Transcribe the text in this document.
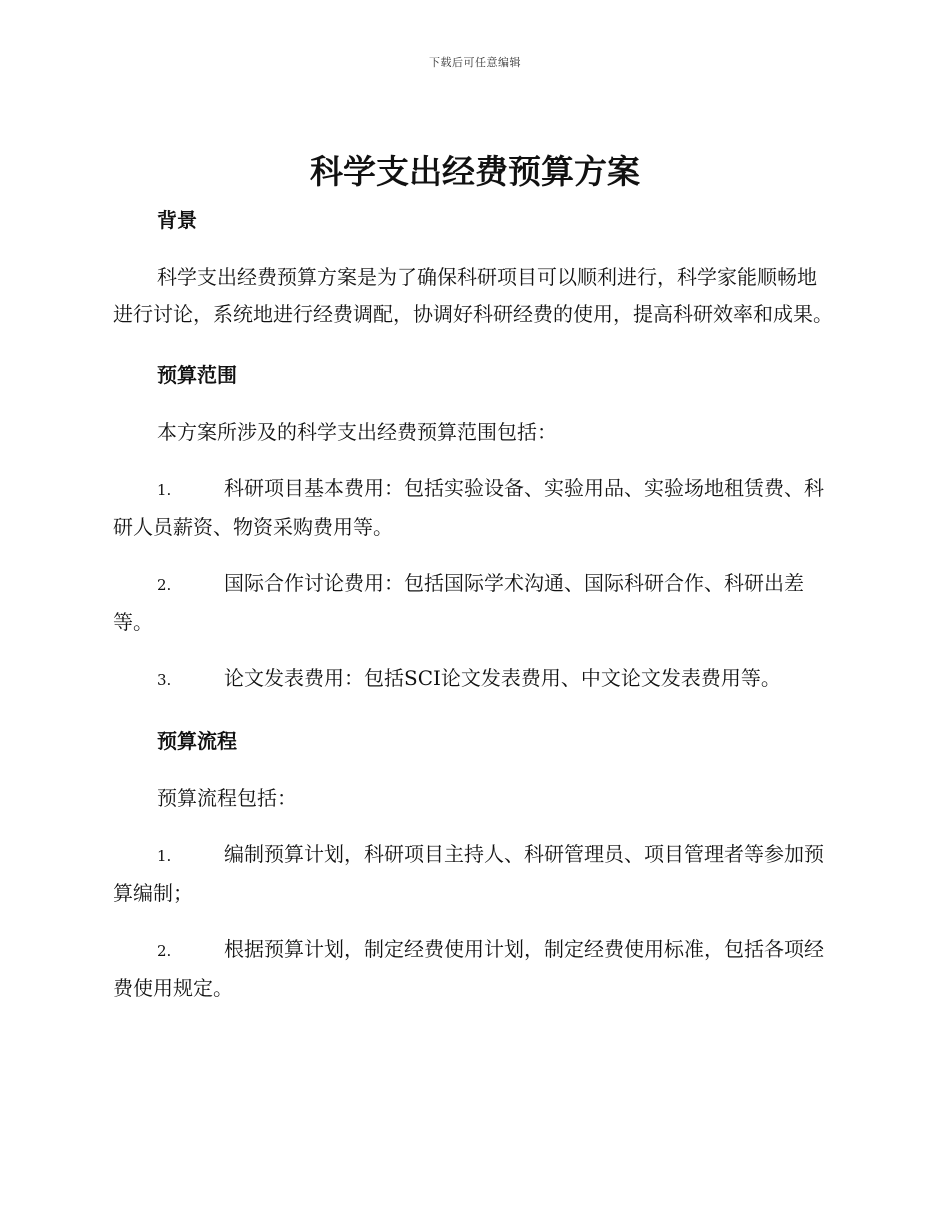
下载后可任意编辑
科学支出经费预算方案
背景

科学支出经费预算方案是为了确保科研项目可以顺利进行，科学家能顺畅地进行讨论，系统地进行经费调配，协调好科研经费的使用，提高科研效率和成果。

预算范围

本方案所涉及的科学支出经费预算范围包括：

1.	科研项目基本费用：包括实验设备、实验用品、实验场地租赁费、科研人员薪资、物资采购费用等。

2.	国际合作讨论费用：包括国际学术沟通、国际科研合作、科研出差等。

3.	论文发表费用：包括SCI论文发表费用、中文论文发表费用等。

预算流程

预算流程包括：

1.	编制预算计划，科研项目主持人、科研管理员、项目管理者等参加预算编制；

2.	根据预算计划，制定经费使用计划，制定经费使用标准，包括各项经费使用规定。
